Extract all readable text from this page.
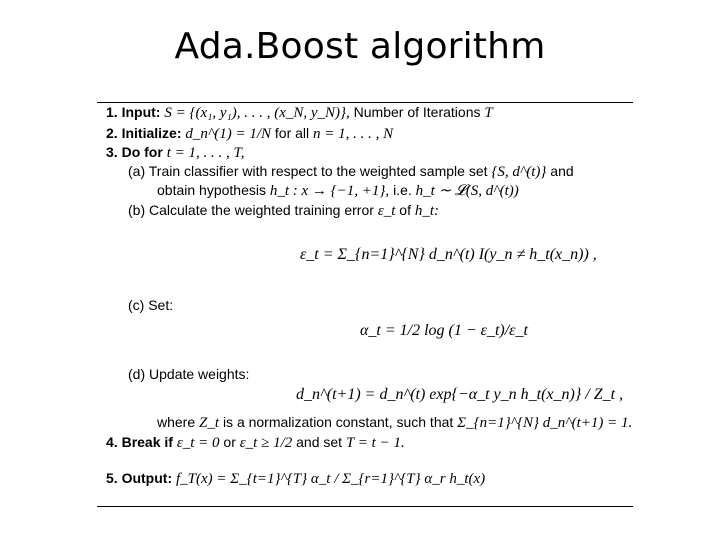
Ada.Boost algorithm
1. Input: S = {(x₁, y₁), . . . , (x_N, y_N)}, Number of Iterations T
2. Initialize: d_n^(1) = 1/N for all n = 1, . . . , N
3. Do for t = 1, . . . , T,
(a) Train classifier with respect to the weighted sample set {S, d^(t)} and
obtain hypothesis h_t : x → {−1, +1}, i.e. h_t ∼ 𝓛(S, d^(t))
(b) Calculate the weighted training error ε_t of h_t:
ε_t = Σ_{n=1}^{N} d_n^(t) I(y_n ≠ h_t(x_n)) ,
(c) Set:
α_t = 1/2 log (1 − ε_t)/ε_t
(d) Update weights:
d_n^(t+1) = d_n^(t) exp{−α_t y_n h_t(x_n)} / Z_t ,
where Z_t is a normalization constant, such that Σ_{n=1}^{N} d_n^(t+1) = 1.
4. Break if ε_t = 0 or ε_t ≥ 1/2 and set T = t − 1.
5. Output: f_T(x) = Σ_{t=1}^{T} α_t / Σ_{r=1}^{T} α_r h_t(x)
